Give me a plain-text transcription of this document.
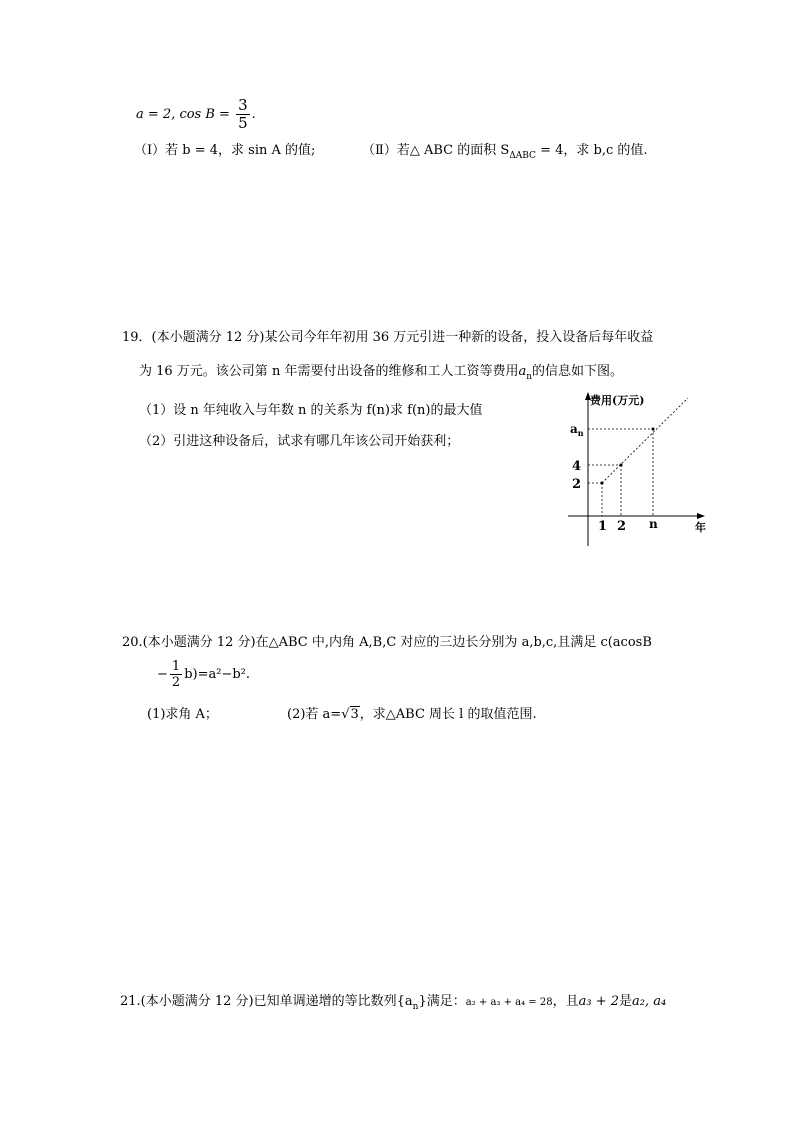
a = 2, $\cos B = \frac{3}{5}$ .
（Ⅰ）若 b = 4，求 sin A 的值;	（Ⅱ）若△ ABC 的面积 $S_{\Delta ABC} = 4$，求 b,c 的值.
19．(本小题满分 12 分)某公司今年年初用 36 万元引进一种新的设备，投入设备后每年收益
为 16 万元。该公司第 n 年需要付出设备的维修和工人工资等费用$a_n$的信息如下图。
（1）设 n 年纯收入与年数 n 的关系为 f(n)求 f(n)的最大值
（2）引进这种设备后，试求有哪几年该公司开始获利；
费用(万元)
$a_n$
4
2
1 2 n	年
20.(本小题满分 12 分)在△ABC 中,内角 A,B,C 对应的三边长分别为 a,b,c,且满足 c(acosB
− $\frac{1}{2} b)=a^2-b^2$.
(1)求角 A；	(2)若 a=√3，求△ABC 周长 l 的取值范围.
21.(本小题满分 12 分)已知单调递增的等比数列$\{a_n\}$满足：a₂ + a₃ + a₄ = 28，且a₃ + 2是a₂, a₄
